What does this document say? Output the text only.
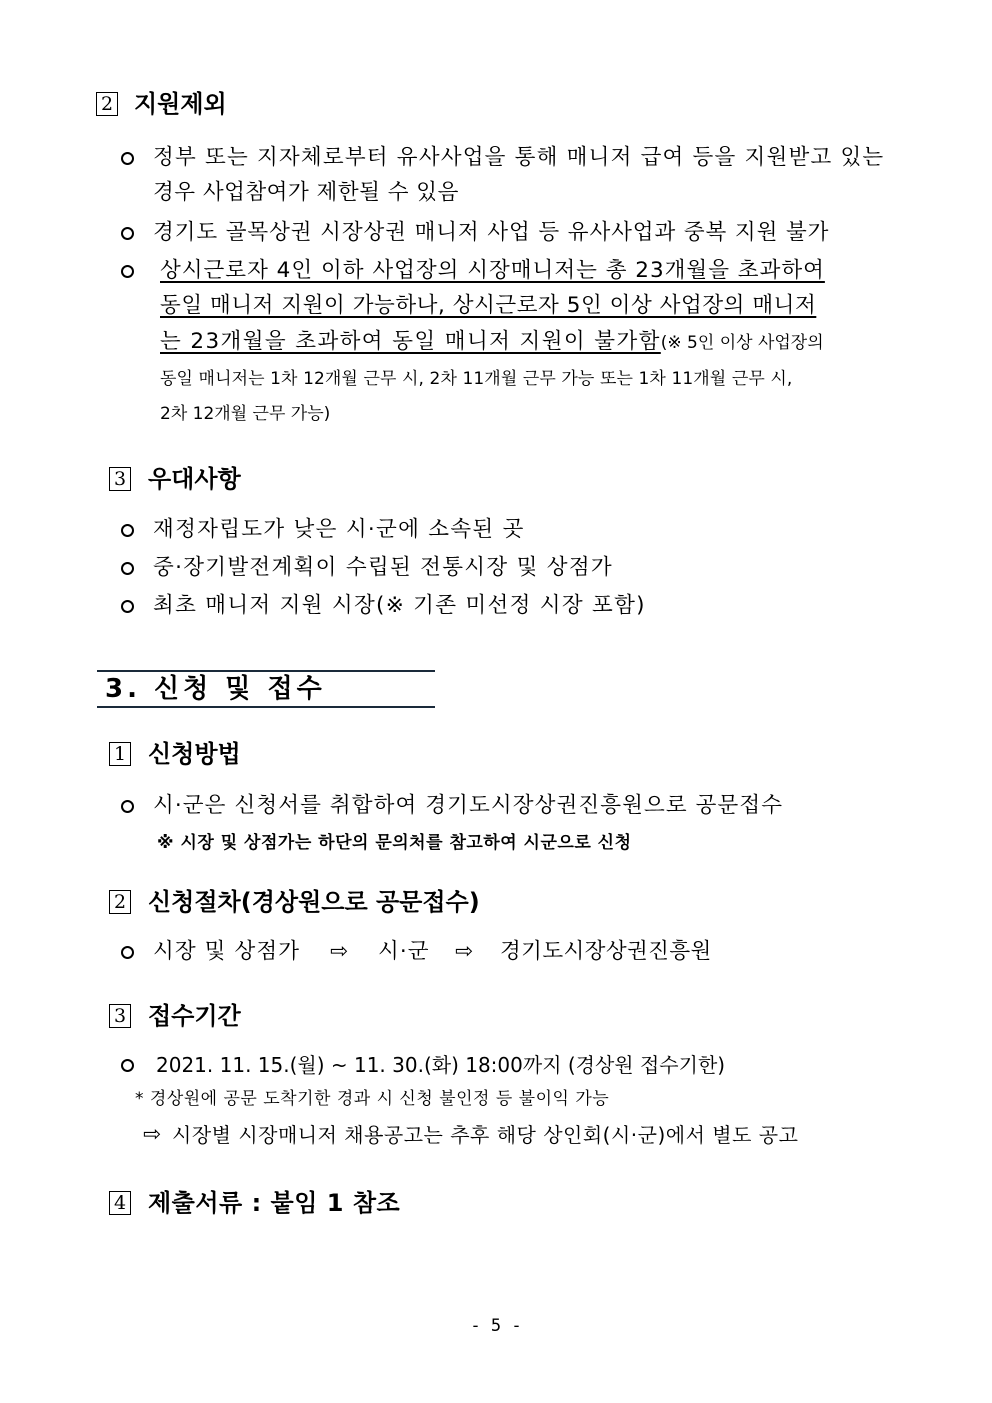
2 지원제외
정부 또는 지자체로부터 유사사업을 통해 매니저 급여 등을 지원받고 있는
경우 사업참여가 제한될 수 있음
경기도 골목상권 시장상권 매니저 사업 등 유사사업과 중복 지원 불가
상시근로자 4인 이하 사업장의 시장매니저는 총 23개월을 초과하여
동일 매니저 지원이 가능하나, 상시근로자 5인 이상 사업장의 매니저
는 23개월을 초과하여 동일 매니저 지원이 불가함(※ 5인 이상 사업장의
동일 매니저는 1차 12개월 근무 시, 2차 11개월 근무 가능 또는 1차 11개월 근무 시,
2차 12개월 근무 가능)
3 우대사항
재정자립도가 낮은 시·군에 소속된 곳
중·장기발전계획이 수립된 전통시장 및 상점가
최초 매니저 지원 시장(※ 기존 미선정 시장 포함)
3. 신청 및 접수
1 신청방법
시·군은 신청서를 취합하여 경기도시장상권진흥원으로 공문접수
※ 시장 및 상점가는 하단의 문의처를 참고하여 시군으로 신청
2 신청절차(경상원으로 공문접수)
시장 및 상점가 ⇨ 시·군 ⇨ 경기도시장상권진흥원
3 접수기간
2021. 11. 15.(월) ~ 11. 30.(화) 18:00까지 (경상원 접수기한)
* 경상원에 공문 도착기한 경과 시 신청 불인정 등 불이익 가능
⇨ 시장별 시장매니저 채용공고는 추후 해당 상인회(시·군)에서 별도 공고
4 제출서류 : 붙임 1 참조
- 5 -
